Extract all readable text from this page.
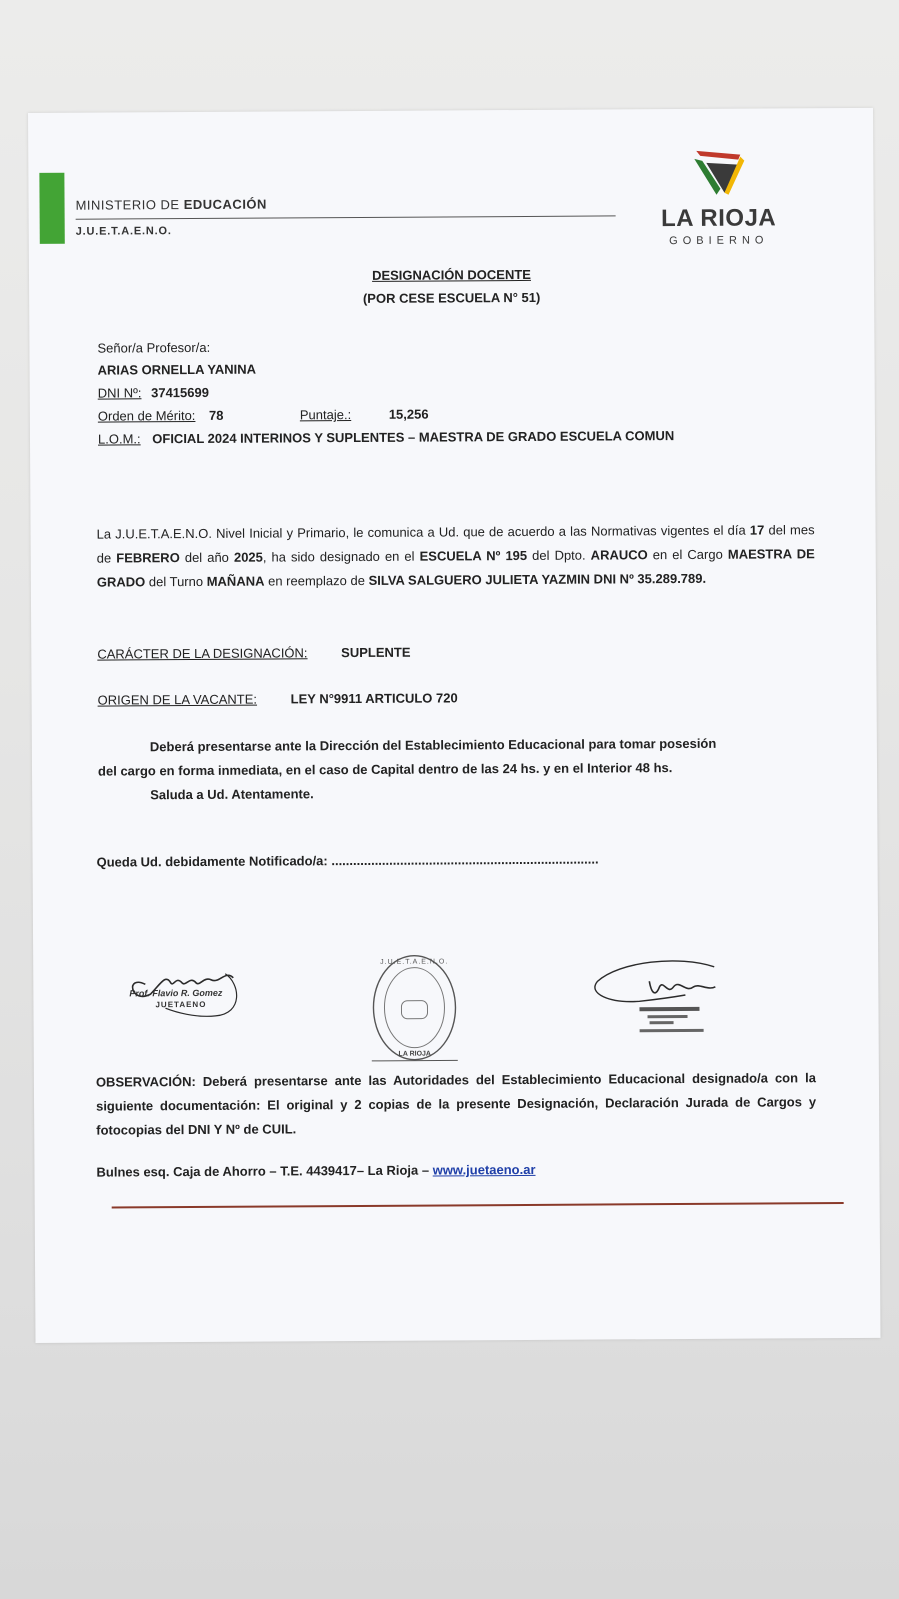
MINISTERIO DE EDUCACIÓN
J.U.E.T.A.E.N.O.	LA RIOJA
GOBIERNO
DESIGNACIÓN DOCENTE
(POR CESE ESCUELA N° 51)
Señor/a Profesor/a:
ARIAS ORNELLA YANINA
DNI Nº: 37415699
Orden de Mérito: 78	Puntaje.:	15,256
L.O.M.: OFICIAL 2024 INTERINOS Y SUPLENTES – MAESTRA DE GRADO ESCUELA COMUN
La J.U.E.T.A.E.N.O. Nivel Inicial y Primario, le comunica a Ud. que de acuerdo a las Normativas vigentes el día 17 del mes de FEBRERO del año 2025, ha sido designado en el ESCUELA Nº 195 del Dpto. ARAUCO en el Cargo MAESTRA DE GRADO del Turno MAÑANA en reemplazo de SILVA SALGUERO JULIETA YAZMIN DNI Nº 35.289.789.
CARÁCTER DE LA DESIGNACIÓN:	SUPLENTE
ORIGEN DE LA VACANTE:	LEY N°9911 ARTICULO 720
Deberá presentarse ante la Dirección del Establecimiento Educacional para tomar posesión
del cargo en forma inmediata, en el caso de Capital dentro de las 24 hs. y en el Interior 48 hs.
Saluda a Ud. Atentamente.
Queda Ud. debidamente Notificado/a: ..........................................................................
Prof. Flavio R. Gomez
JUETAENO
J.U.E.T.A.E.N.O.
LA RIOJA
OBSERVACIÓN: Deberá presentarse ante las Autoridades del Establecimiento Educacional designado/a con la siguiente documentación: El original y 2 copias de la presente Designación, Declaración Jurada de Cargos y fotocopias del DNI Y Nº de CUIL.
Bulnes esq. Caja de Ahorro – T.E. 4439417– La Rioja – www.juetaeno.ar
